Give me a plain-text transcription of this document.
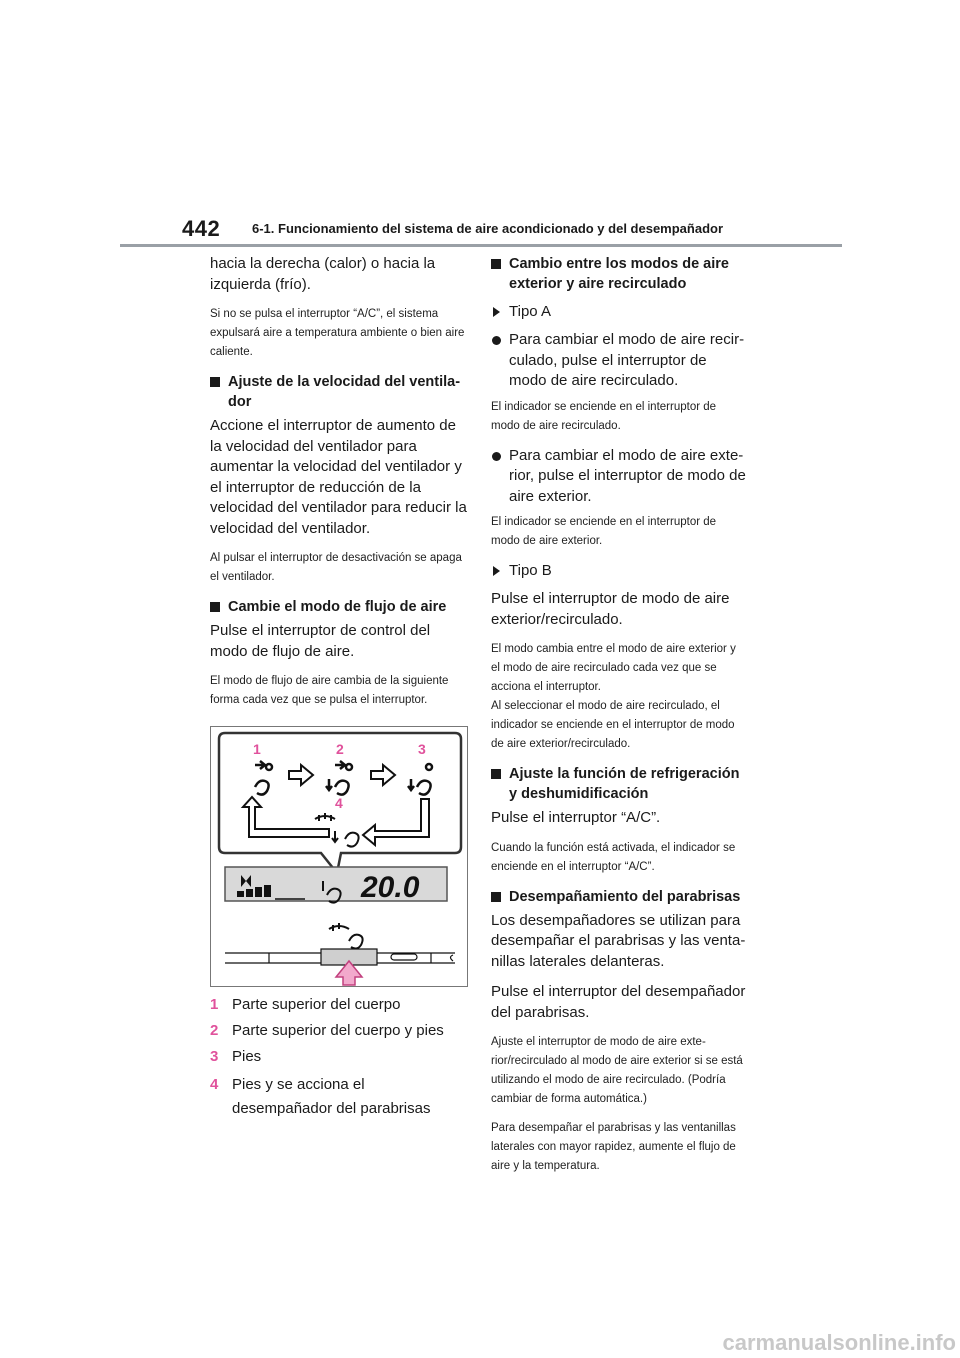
442 6-1. Funcionamiento del sistema de aire acondicionado y del desempañador

hacia la derecha (calor) o hacia la izquierda (frío).

Si no se pulsa el interruptor “A/C”, el sistema expulsará aire a temperatura ambiente o bien aire caliente.

Ajuste de la velocidad del ventilador

Accione el interruptor de aumento de la velocidad del ventilador para aumentar la velocidad del ventilador y el interruptor de reducción de la velocidad del ventilador para reducir la velocidad del ventilador.

Al pulsar el interruptor de desactivación se apaga el ventilador.

Cambie el modo de flujo de aire

Pulse el interruptor de control del modo de flujo de aire.

El modo de flujo de aire cambia de la siguiente forma cada vez que se pulsa el interruptor.

20.0
1	2	3
4
1 Parte superior del cuerpo
2 Parte superior del cuerpo y pies
3 Pies
4 Pies y se acciona el desempañador del parabrisas
Cambio entre los modos de aire exterior y aire recirculado
Tipo A
Para cambiar el modo de aire recirculado, pulse el interruptor de modo de aire recirculado.

El indicador se enciende en el interruptor de modo de aire recirculado.

Para cambiar el modo de aire exterior, pulse el interruptor de modo de aire exterior.

El indicador se enciende en el interruptor de modo de aire exterior.

Tipo B

Pulse el interruptor de modo de aire exterior/recirculado.

El modo cambia entre el modo de aire exterior y el modo de aire recirculado cada vez que se acciona el interruptor.

Al seleccionar el modo de aire recirculado, el indicador se enciende en el interruptor de modo de aire exterior/recirculado.

Ajuste la función de refrigeración y deshumidificación

Pulse el interruptor “A/C”.

Cuando la función está activada, el indicador se enciende en el interruptor “A/C”.

Desempañamiento del parabrisas

Los desempañadores se utilizan para desempañar el parabrisas y las ventanillas laterales delanteras.

Pulse el interruptor del desempañador del parabrisas.

Ajuste el interruptor de modo de aire exterior/recirculado al modo de aire exterior si se está utilizando el modo de aire recirculado. (Podría cambiar de forma automática.)

Para desempañar el parabrisas y las ventanillas laterales con mayor rapidez, aumente el flujo de aire y la temperatura.

carmanualsonline.info
